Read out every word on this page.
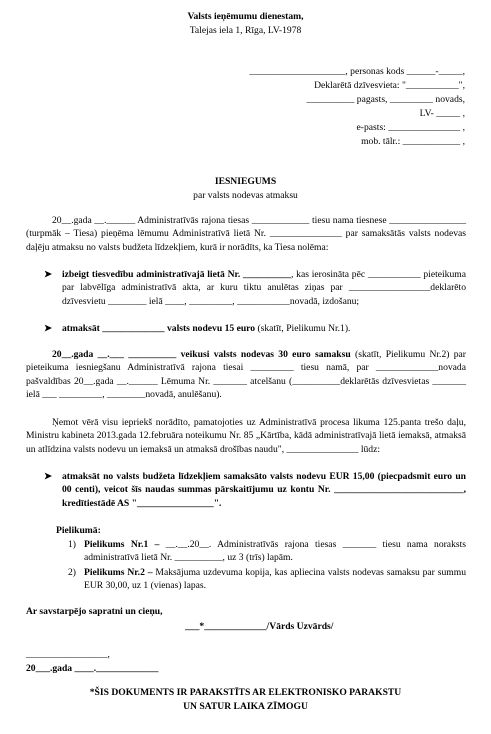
Valsts ieņēmumu dienestam,
Talejas iela 1, Rīga, LV-1978
____________________, personas kods ______-_____,
Deklarētā dzīvesvieta: "___________",
__________ pagasts, _________ novads,
LV- _____ ,
e-pasts: _______________ ,
mob. tālr.: ____________ ,
IESNIEGUMS
par valsts nodevas atmaksu
20__.gada __.______ Administratīvās rajona tiesas ____________ tiesu nama tiesnese ________________ (turpmāk – Tiesa) pieņēma lēmumu Administratīvā lietā Nr. _______________ par samaksātās valsts nodevas daļēju atmaksu no valsts budžeta līdzekļiem, kurā ir norādīts, ka Tiesa nolēma:
➤ izbeigt tiesvedību administratīvajā lietā Nr. __________, kas ierosināta pēc ___________ pieteikuma par labvēlīga administratīvā akta, ar kuru tiktu anulētas ziņas par _________________deklarēto dzīvesvietu ________ ielā ____, _________, ___________novadā, izdošanu;
➤ atmaksāt _____________ valsts nodevu 15 euro (skatīt, Pielikumu Nr.1).
20__.gada __.___ __________ veikusi valsts nodevas 30 euro samaksu (skatīt, Pielikumu Nr.2) par pieteikuma iesniegšanu Administratīvā rajona tiesai _________ tiesu namā, par _____________novada pašvaldības 20__.gada __.______ Lēmuma Nr. _______ atcelšanu (__________deklarētās dzīvesvietas _______ ielā ___ _________, ________novadā, anulēšanu).
Ņemot vērā visu iepriekš norādīto, pamatojoties uz Administratīvā procesa likuma 125.panta trešo daļu, Ministru kabineta 2013.gada 12.februāra noteikumu Nr. 85 „Kārtība, kādā administratīvajā lietā iemaksā, atmaksā un atlīdzina valsts nodevu un iemaksā un atmaksā drošības naudu", _______________ lūdz:
➤ atmaksāt no valsts budžeta līdzekļiem samaksāto valsts nodevu EUR 15,00 (piecpadsmit euro un 00 centi), veicot šīs naudas summas pārskaitījumu uz kontu Nr. ___________________________, kredītiestādē AS "________________".
Pielikumā:
1) Pielikums Nr.1 – __.__.20__. Administratīvās rajona tiesas _______ tiesu nama noraksts administratīvā lietā Nr. __________, uz 3 (trīs) lapām.
2) Pielikums Nr.2 – Maksājuma uzdevuma kopija, kas apliecina valsts nodevas samaksu par summu EUR 30,00, uz 1 (vienas) lapas.
Ar savstarpējo sapratni un cieņu,
___*_____________/Vārds Uzvārds/
_________________,
20___.gada ____._____________
*ŠIS DOKUMENTS IR PARAKSTĪTS AR ELEKTRONISKO PARAKSTU
UN SATUR LAIKA ZĪMOGU
